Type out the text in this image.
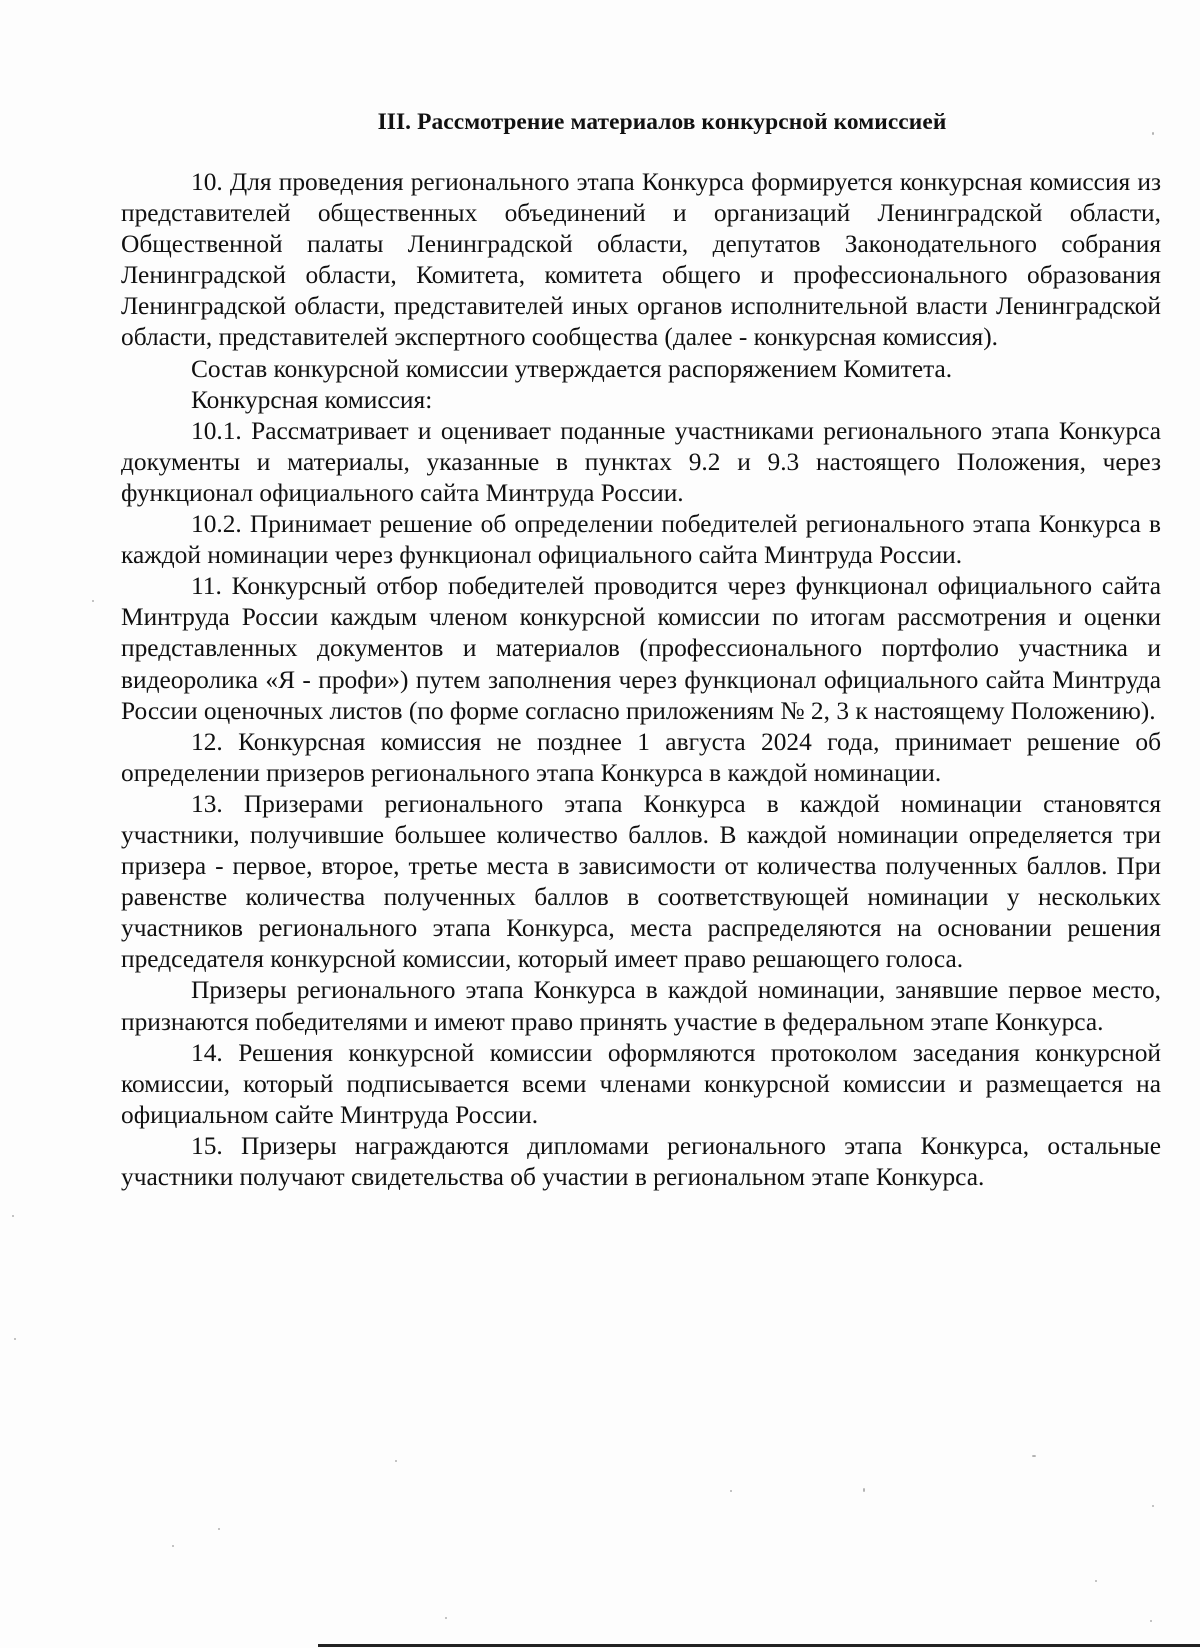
III. Рассмотрение материалов конкурсной комиссией

10. Для проведения регионального этапа Конкурса формируется конкурсная комиссия из представителей общественных объединений и организаций Ленинградской области, Общественной палаты Ленинградской области, депутатов Законодательного собрания Ленинградской области, Комитета, комитета общего и профессионального образования Ленинградской области, представителей иных органов исполнительной власти Ленинградской области, представителей экспертного сообщества (далее - конкурсная комиссия).

Состав конкурсной комиссии утверждается распоряжением Комитета.

Конкурсная комиссия:

10.1. Рассматривает и оценивает поданные участниками регионального этапа Конкурса документы и материалы, указанные в пунктах 9.2 и 9.3 настоящего Положения, через функционал официального сайта Минтруда России.

10.2. Принимает решение об определении победителей регионального этапа Конкурса в каждой номинации через функционал официального сайта Минтруда России.

11. Конкурсный отбор победителей проводится через функционал официального сайта Минтруда России каждым членом конкурсной комиссии по итогам рассмотрения и оценки представленных документов и материалов (профессионального портфолио участника и видеоролика «Я - профи») путем заполнения через функционал официального сайта Минтруда России оценочных листов (по форме согласно приложениям № 2, 3 к настоящему Положению).

12. Конкурсная комиссия не позднее 1 августа 2024 года, принимает решение об определении призеров регионального этапа Конкурса в каждой номинации.

13. Призерами регионального этапа Конкурса в каждой номинации становятся участники, получившие большее количество баллов. В каждой номинации определяется три призера - первое, второе, третье места в зависимости от количества полученных баллов. При равенстве количества полученных баллов в соответствующей номинации у нескольких участников регионального этапа Конкурса, места распределяются на основании решения председателя конкурсной комиссии, который имеет право решающего голоса.

Призеры регионального этапа Конкурса в каждой номинации, занявшие первое место, признаются победителями и имеют право принять участие в федеральном этапе Конкурса.

14. Решения конкурсной комиссии оформляются протоколом заседания конкурсной комиссии, который подписывается всеми членами конкурсной комиссии и размещается на официальном сайте Минтруда России.

15. Призеры награждаются дипломами регионального этапа Конкурса, остальные участники получают свидетельства об участии в региональном этапе Конкурса.
